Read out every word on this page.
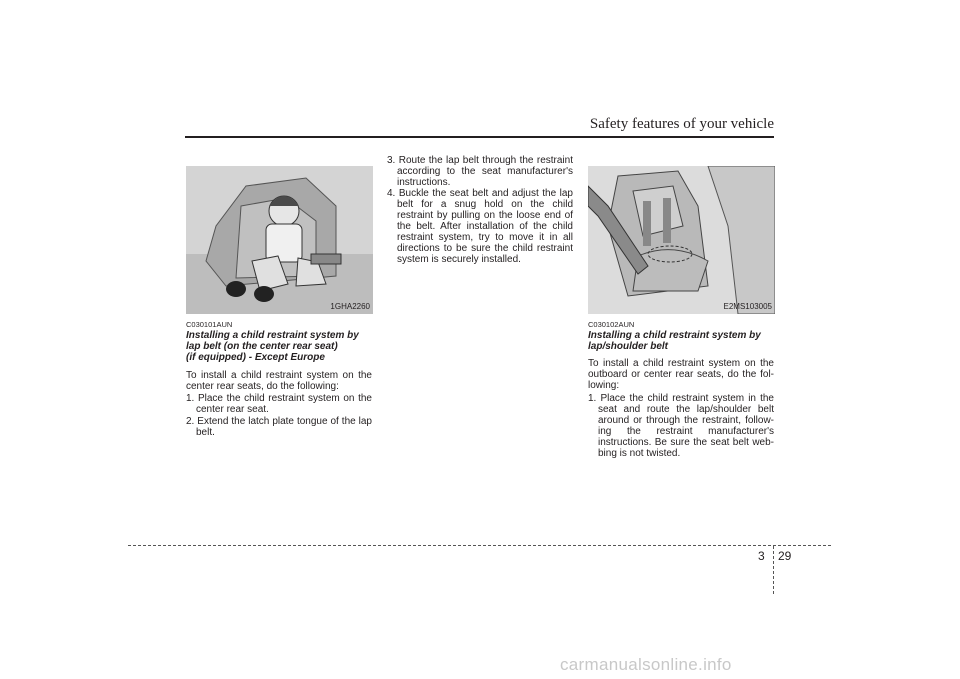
Safety features of your vehicle
1GHA2260	E2MS103005
C030101AUN
Installing a child restraint system by
lap belt (on the center rear seat)
(if equipped) - Except Europe

To install a child restraint system on the center rear seats, do the following:

1. Place the child restraint system on the center rear seat.

2. Extend the latch plate tongue of the lap belt.

3. Route the lap belt through the restraint according to the seat manufacturer's instructions.

4. Buckle the seat belt and adjust the lap belt for a snug hold on the child restraint by pulling on the loose end of the belt. After installation of the child restraint system, try to move it in all directions to be sure the child restraint system is securely installed.

C030102AUN
Installing a child restraint system by
lap/shoulder belt

To install a child restraint system on the outboard or center rear seats, do the fol-lowing:

1. Place the child restraint system in the seat and route the lap/shoulder belt around or through the restraint, follow-ing the restraint manufacturer's instructions. Be sure the seat belt web-bing is not twisted.

3 29
carmanualsonline.info
